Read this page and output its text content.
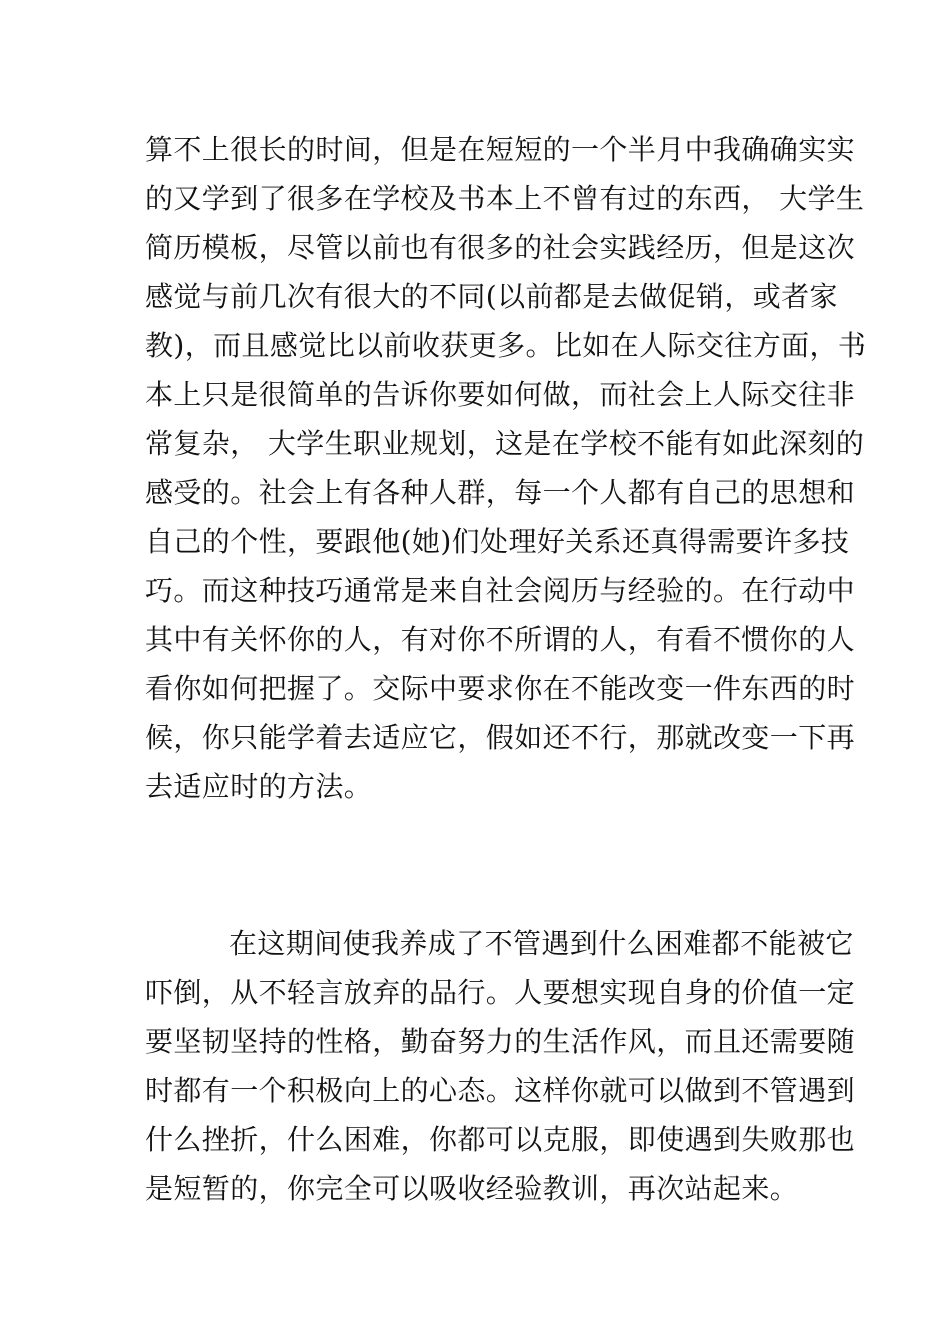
算不上很长的时间，但是在短短的一个半月中我确确实实
的又学到了很多在学校及书本上不曾有过的东西， 大学生
简历模板，尽管以前也有很多的社会实践经历，但是这次
感觉与前几次有很大的不同(以前都是去做促销，或者家
教)，而且感觉比以前收获更多。比如在人际交往方面，书
本上只是很简单的告诉你要如何做，而社会上人际交往非
常复杂， 大学生职业规划，这是在学校不能有如此深刻的
感受的。社会上有各种人群，每一个人都有自己的思想和
自己的个性，要跟他(她)们处理好关系还真得需要许多技
巧。而这种技巧通常是来自社会阅历与经验的。在行动中
其中有关怀你的人，有对你不所谓的人，有看不惯你的人
看你如何把握了。交际中要求你在不能改变一件东西的时
候，你只能学着去适应它，假如还不行，那就改变一下再
去适应时的方法。
在这期间使我养成了不管遇到什么困难都不能被它
吓倒，从不轻言放弃的品行。人要想实现自身的价值一定
要坚韧坚持的性格，勤奋努力的生活作风，而且还需要随
时都有一个积极向上的心态。这样你就可以做到不管遇到
什么挫折，什么困难，你都可以克服，即使遇到失败那也
是短暂的，你完全可以吸收经验教训，再次站起来。
